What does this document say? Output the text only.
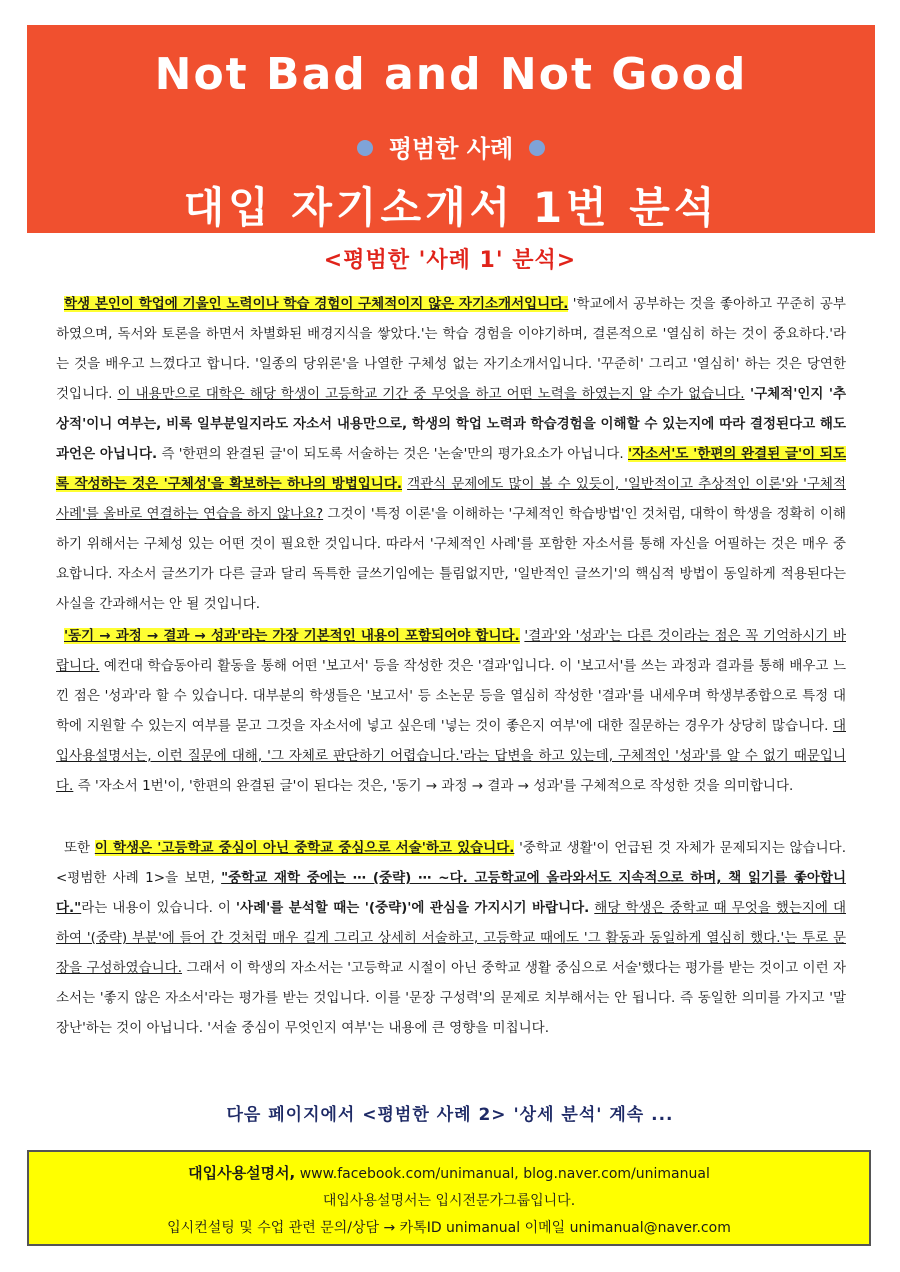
Not Bad and Not Good
평범한 사례
대입 자기소개서 1번 분석
<평범한 '사례 1' 분석>
학생 본인이 학업에 기울인 노력이나 학습 경험이 구체적이지 않은 자기소개서입니다. '학교에서 공부하는 것을 좋아하고 꾸준히 공부하였으며, 독서와 토론을 하면서 차별화된 배경지식을 쌓았다.'는 학습 경험을 이야기하며, 결론적으로 '열심히 하는 것이 중요하다.'라는 것을 배우고 느꼈다고 합니다. '일종의 당위론'을 나열한 구체성 없는 자기소개서입니다. '꾸준히' 그리고 '열심히' 하는 것은 당연한 것입니다. 이 내용만으로 대학은 해당 학생이 고등학교 기간 중 무엇을 하고 어떤 노력을 하였는지 알 수가 없습니다. '구체적'인지 '추상적'이니 여부는, 비록 일부분일지라도 자소서 내용만으로, 학생의 학업 노력과 학습경험을 이해할 수 있는지에 따라 결정된다고 해도 과언은 아닙니다. 즉 '한편의 완결된 글'이 되도록 서술하는 것은 '논술'만의 평가요소가 아닙니다. '자소서'도 '한편의 완결된 글'이 되도록 작성하는 것은 '구체성'을 확보하는 하나의 방법입니다. 객관식 문제에도 많이 볼 수 있듯이, '일반적이고 추상적인 이론'와 '구체적 사례'를 올바로 연결하는 연습을 하지 않나요? 그것이 '특정 이론'을 이해하는 '구체적인 학습방법'인 것처럼, 대학이 학생을 정확히 이해하기 위해서는 구체성 있는 어떤 것이 필요한 것입니다. 따라서 '구체적인 사례'를 포함한 자소서를 통해 자신을 어필하는 것은 매우 중요합니다. 자소서 글쓰기가 다른 글과 달리 독특한 글쓰기임에는 틀림없지만, '일반적인 글쓰기'의 핵심적 방법이 동일하게 적용된다는 사실을 간과해서는 안 될 것입니다.
'동기 → 과정 → 결과 → 성과'라는 가장 기본적인 내용이 포함되어야 합니다. '결과'와 '성과'는 다른 것이라는 점은 꼭 기억하시기 바랍니다. 예컨대 학습동아리 활동을 통해 어떤 '보고서' 등을 작성한 것은 '결과'입니다. 이 '보고서'를 쓰는 과정과 결과를 통해 배우고 느낀 점은 '성과'라 할 수 있습니다. 대부분의 학생들은 '보고서' 등 소논문 등을 열심히 작성한 '결과'를 내세우며 학생부종합으로 특정 대학에 지원할 수 있는지 여부를 묻고 그것을 자소서에 넣고 싶은데 '넣는 것이 좋은지 여부'에 대한 질문하는 경우가 상당히 많습니다. 대입사용설명서는, 이런 질문에 대해, '그 자체로 판단하기 어렵습니다.'라는 답변을 하고 있는데, 구체적인 '성과'를 알 수 없기 때문입니다. 즉 '자소서 1번'이, '한편의 완결된 글'이 된다는 것은, '동기 → 과정 → 결과 → 성과'를 구체적으로 작성한 것을 의미합니다.
또한 이 학생은 '고등학교 중심이 아닌 중학교 중심으로 서술'하고 있습니다. '중학교 생활'이 언급된 것 자체가 문제되지는 않습니다. <평범한 사례 1>을 보면, "중학교 재학 중에는 ⋯ (중략) ⋯ ~다. 고등학교에 올라와서도 지속적으로 하며, 책 읽기를 좋아합니다."라는 내용이 있습니다. 이 '사례'를 분석할 때는 '(중략)'에 관심을 가지시기 바랍니다. 해당 학생은 중학교 때 무엇을 했는지에 대하여 '(중략) 부분'에 들어 간 것처럼 매우 길게 그리고 상세히 서술하고, 고등학교 때에도 '그 활동과 동일하게 열심히 했다.'는 투로 문장을 구성하였습니다. 그래서 이 학생의 자소서는 '고등학교 시절이 아닌 중학교 생활 중심으로 서술'했다는 평가를 받는 것이고 이런 자소서는 '좋지 않은 자소서'라는 평가를 받는 것입니다. 이를 '문장 구성력'의 문제로 치부해서는 안 됩니다. 즉 동일한 의미를 가지고 '말장난'하는 것이 아닙니다. '서술 중심이 무엇인지 여부'는 내용에 큰 영향을 미칩니다.
다음 페이지에서 <평범한 사례 2> '상세 분석' 계속 ...
대입사용설명서, www.facebook.com/unimanual, blog.naver.com/unimanual
대입사용설명서는 입시전문가그룹입니다.
입시컨설팅 및 수업 관련 문의/상담 → 카톡ID unimanual 이메일 unimanual@naver.com
